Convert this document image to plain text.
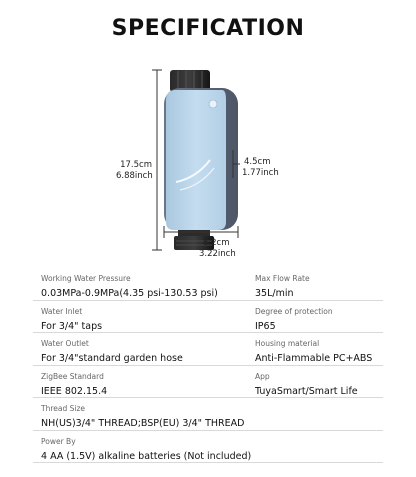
SPECIFICATION
17.5cm
6.88inch
4.5cm
1.77inch
8.2cm
3.22inch
Working Water Pressure
0.03MPa-0.9MPa(4.35 psi-130.53 psi)
Max Flow Rate
35L/min
Water Inlet
For 3/4" taps
Degree of protection
IP65
Water Outlet
For 3/4"standard garden hose
Housing material
Anti-Flammable PC+ABS
ZigBee Standard
IEEE 802.15.4
App
TuyaSmart/Smart Life
Thread Size
NH(US)3/4" THREAD;BSP(EU) 3/4" THREAD
Power By
4 AA (1.5V) alkaline batteries (Not included)
